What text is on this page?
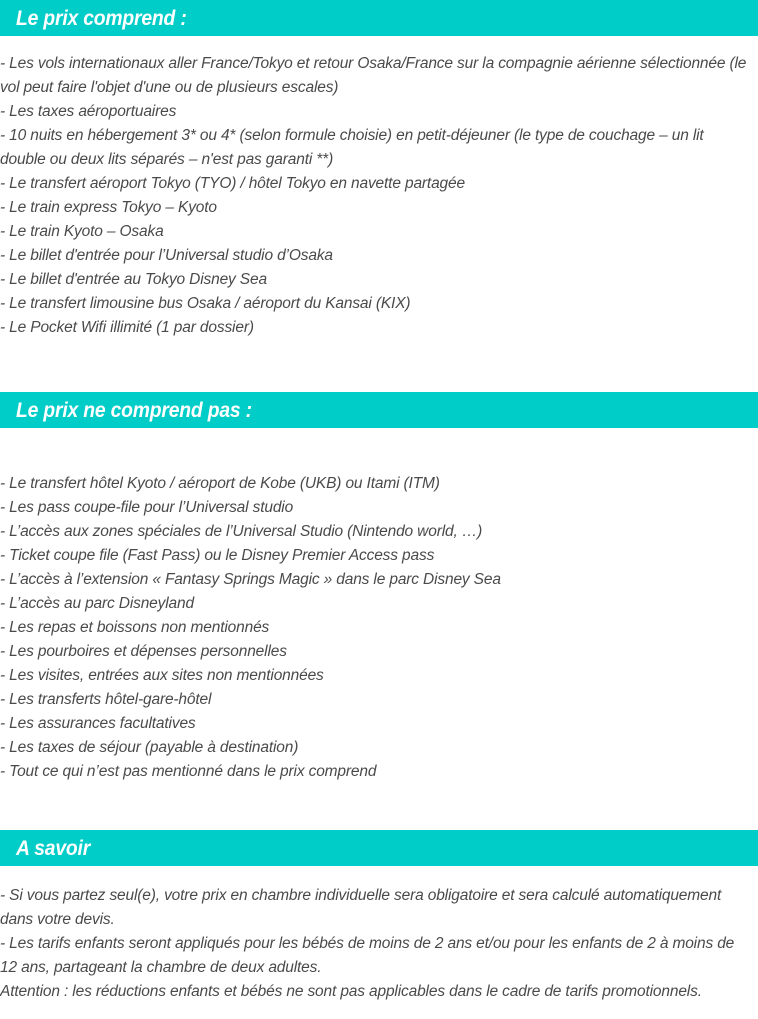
Le prix comprend :
- Les vols internationaux aller France/Tokyo et retour Osaka/France sur la compagnie aérienne sélectionnée (le vol peut faire l'objet d'une ou de plusieurs escales)
- Les taxes aéroportuaires
- 10 nuits en hébergement 3* ou 4* (selon formule choisie) en petit-déjeuner (le type de couchage – un lit double ou deux lits séparés – n'est pas garanti **)
- Le transfert aéroport Tokyo (TYO) / hôtel Tokyo en navette partagée
- Le train express Tokyo – Kyoto
- Le train Kyoto – Osaka
- Le billet d'entrée pour l’Universal studio d’Osaka
- Le billet d'entrée au Tokyo Disney Sea
- Le transfert limousine bus Osaka / aéroport du Kansai (KIX)
- Le Pocket Wifi illimité (1 par dossier)
Le prix ne comprend pas :
- Le transfert hôtel Kyoto / aéroport de Kobe (UKB) ou Itami (ITM)
- Les pass coupe-file pour l’Universal studio
- L’accès aux zones spéciales de l’Universal Studio (Nintendo world, …)
- Ticket coupe file (Fast Pass) ou le Disney Premier Access pass
- L’accès à l’extension « Fantasy Springs Magic » dans le parc Disney Sea
- L’accès au parc Disneyland
- Les repas et boissons non mentionnés
- Les pourboires et dépenses personnelles
- Les visites, entrées aux sites non mentionnées
- Les transferts hôtel-gare-hôtel
- Les assurances facultatives
- Les taxes de séjour (payable à destination)
- Tout ce qui n’est pas mentionné dans le prix comprend
A savoir

- Si vous partez seul(e), votre prix en chambre individuelle sera obligatoire et sera calculé automatiquement dans votre devis.

- Les tarifs enfants seront appliqués pour les bébés de moins de 2 ans et/ou pour les enfants de 2 à moins de 12 ans, partageant la chambre de deux adultes.

Attention : les réductions enfants et bébés ne sont pas applicables dans le cadre de tarifs promotionnels.
